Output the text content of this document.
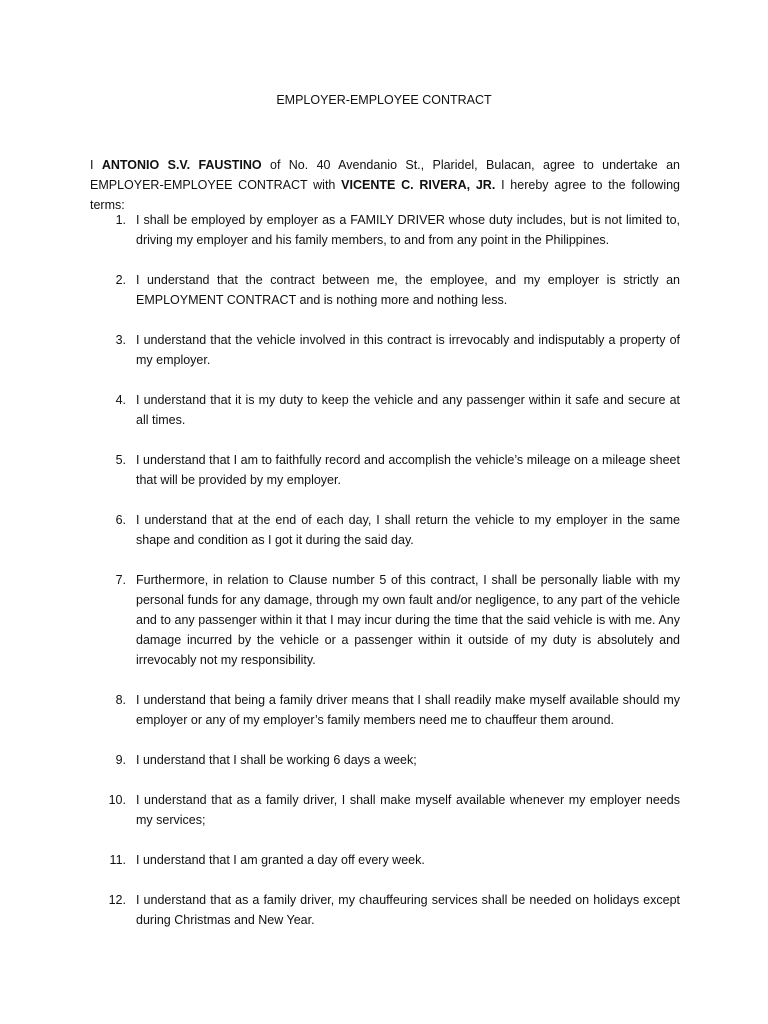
EMPLOYER-EMPLOYEE CONTRACT

I ANTONIO S.V. FAUSTINO of No. 40 Avendanio St., Plaridel, Bulacan, agree to undertake an EMPLOYER-EMPLOYEE CONTRACT with VICENTE C. RIVERA, JR. I hereby agree to the following terms:

1. I shall be employed by employer as a FAMILY DRIVER whose duty includes, but is not limited to, driving my employer and his family members, to and from any point in the Philippines.
2. I understand that the contract between me, the employee, and my employer is strictly an EMPLOYMENT CONTRACT and is nothing more and nothing less.
3. I understand that the vehicle involved in this contract is irrevocably and indisputably a property of my employer.
4. I understand that it is my duty to keep the vehicle and any passenger within it safe and secure at all times.
5. I understand that I am to faithfully record and accomplish the vehicle’s mileage on a mileage sheet that will be provided by my employer.
6. I understand that at the end of each day, I shall return the vehicle to my employer in the same shape and condition as I got it during the said day.
7. Furthermore, in relation to Clause number 5 of this contract, I shall be personally liable with my personal funds for any damage, through my own fault and/or negligence, to any part of the vehicle and to any passenger within it that I may incur during the time that the said vehicle is with me. Any damage incurred by the vehicle or a passenger within it outside of my duty is absolutely and irrevocably not my responsibility.
8. I understand that being a family driver means that I shall readily make myself available should my employer or any of my employer’s family members need me to chauffeur them around.
9. I understand that I shall be working 6 days a week;
10. I understand that as a family driver, I shall make myself available whenever my employer needs my services;
11. I understand that I am granted a day off every week.
12. I understand that as a family driver, my chauffeuring services shall be needed on holidays except during Christmas and New Year.
